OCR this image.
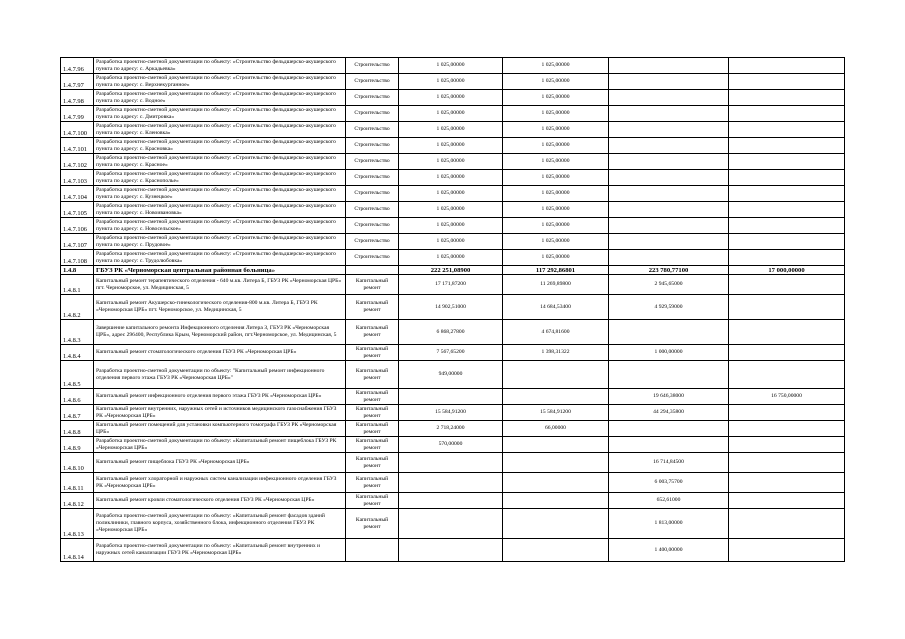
1.4.7.96	Разработка проектно-сметной документации по объекту: «Строительство фельдшерско-акушерского пункта по адресу: с. Аркадьевка»	Строительство	1 025,00000	1 025,00000		
1.4.7.97	Разработка проектно-сметной документации по объекту: «Строительство фельдшерско-акушерского пункта по адресу: с. Верхнекурганное»	Строительство	1 025,00000	1 025,00000		
1.4.7.98	Разработка проектно-сметной документации по объекту: «Строительство фельдшерско-акушерского пункта по адресу: с. Водное»	Строительство	1 025,00000	1 025,00000		
1.4.7.99	Разработка проектно-сметной документации по объекту: «Строительство фельдшерско-акушерского пункта по адресу: с. Дмитровка»	Строительство	1 025,00000	1 025,00000		
1.4.7.100	Разработка проектно-сметной документации по объекту: «Строительство фельдшерско-акушерского пункта по адресу: с. Кленовка»	Строительство	1 025,00000	1 025,00000		
1.4.7.101	Разработка проектно-сметной документации по объекту: «Строительство фельдшерско-акушерского пункта по адресу: с. Красновка»	Строительство	1 025,00000	1 025,00000		
1.4.7.102	Разработка проектно-сметной документации по объекту: «Строительство фельдшерско-акушерского пункта по адресу: с. Красное»	Строительство	1 025,00000	1 025,00000		
1.4.7.103	Разработка проектно-сметной документации по объекту: «Строительство фельдшерско-акушерского пункта по адресу: с. Краснополье»	Строительство	1 025,00000	1 025,00000		
1.4.7.104	Разработка проектно-сметной документации по объекту: «Строительство фельдшерско-акушерского пункта по адресу: с. Кузнецкое»	Строительство	1 025,00000	1 025,00000		
1.4.7.105	Разработка проектно-сметной документации по объекту: «Строительство фельдшерско-акушерского пункта по адресу: с. Новоивановка»	Строительство	1 025,00000	1 025,00000		
1.4.7.106	Разработка проектно-сметной документации по объекту: «Строительство фельдшерско-акушерского пункта по адресу: с. Новосельское»	Строительство	1 025,00000	1 025,00000		
1.4.7.107	Разработка проектно-сметной документации по объекту: «Строительство фельдшерско-акушерского пункта по адресу: с. Прудовое»	Строительство	1 025,00000	1 025,00000		
1.4.7.108	Разработка проектно-сметной документации по объекту: «Строительство фельдшерско-акушерского пункта по адресу: с. Трудолюбовка»	Строительство	1 025,00000	1 025,00000		
1.4.8	ГБУЗ РК «Черноморская центральная районная больница»		222 251,08900	117 292,86801	223 780,77100	17 000,00000
1.4.8.1	Капитальный ремонт терапевтического отделения - 640 м.кв. Литера Б, ГБУЗ РК «Черноморская ЦРБ» пгт. Черноморское, ул. Медицинская, 5	Капитальный ремонт	17 171,87200	11 269,89800	2 945,65000	
1.4.8.2	Капитальный ремонт Акушерско-гинекологического отделения-800 м.кв. Литера Б, ГБУЗ РК «Черноморская ЦРБ» пгт. Черноморское, ул. Медицинская, 5	Капитальный ремонт	14 902,51000	14 684,53400	4 929,59000	
1.4.8.3	Завершение капитального ремонта Инфекционного отделения Литера З, ГБУЗ РК «Черноморская ЦРБ», адрес 296400, Республика Крым, Черноморский район, пгт.Черноморское, ул. Медицинская, 5	Капитальный ремонт	6 868,27800	4 674,81600		
1.4.8.4	Капитальный ремонт стоматологического отделения ГБУЗ РК «Черноморская ЦРБ»	Капитальный ремонт	7 567,65200	1 398,31322	1 000,00000	
1.4.8.5	Разработка проектно-сметной документации по объекту: "Капитальный ремонт инфекционного отделения первого этажа ГБУЗ РК «Черноморская ЦРБ»"	Капитальный ремонт	949,00000			
1.4.8.6	Капитальный ремонт инфекционного отделения первого этажа ГБУЗ РК «Черноморская ЦРБ»	Капитальный ремонт			19 646,38000	16 750,00000
1.4.8.7	Капитальный ремонт внутренних, наружных сетей и источников медицинского газоснабжения ГБУЗ РК «Черноморская ЦРБ»	Капитальный ремонт	15 584,91200	15 584,91200	44 294,35800	
1.4.8.8	Капитальный ремонт помещений для установки компьютерного томографа ГБУЗ РК «Черноморская ЦРБ»	Капитальный ремонт	2 718,24000	66,00000		
1.4.8.9	Разработка проектно-сметной документации по объекту: «Капитальный ремонт пищеблока ГБУЗ РК «Черноморская ЦРБ»	Капитальный ремонт	570,00000			
1.4.8.10	Капитальный ремонт пищеблока ГБУЗ РК «Черноморская ЦРБ»	Капитальный ремонт			16 714,84500	
1.4.8.11	Капитальный ремонт хлораторной и наружных систем канализации инфекционного отделения ГБУЗ РК «Черноморская ЦРБ»	Капитальный ремонт			6 003,75700	
1.4.8.12	Капитальный ремонт кровли стоматологического отделения ГБУЗ РК «Черноморская ЦРБ»	Капитальный ремонт			652,61000	
1.4.8.13	Разработка проектно-сметной документации по объекту: «Капитальный ремонт фасадов зданий поликлиники, главного корпуса, хозяйственного блока, инфекционного отделения ГБУЗ РК «Черноморская ЦРБ»	Капитальный ремонт			1 813,00000	
1.4.8.14	Разработка проектно-сметной документации по объекту: «Капитальный ремонт внутренних и наружных сетей канализации ГБУЗ РК «Черноморская ЦРБ»				1 400,00000	
